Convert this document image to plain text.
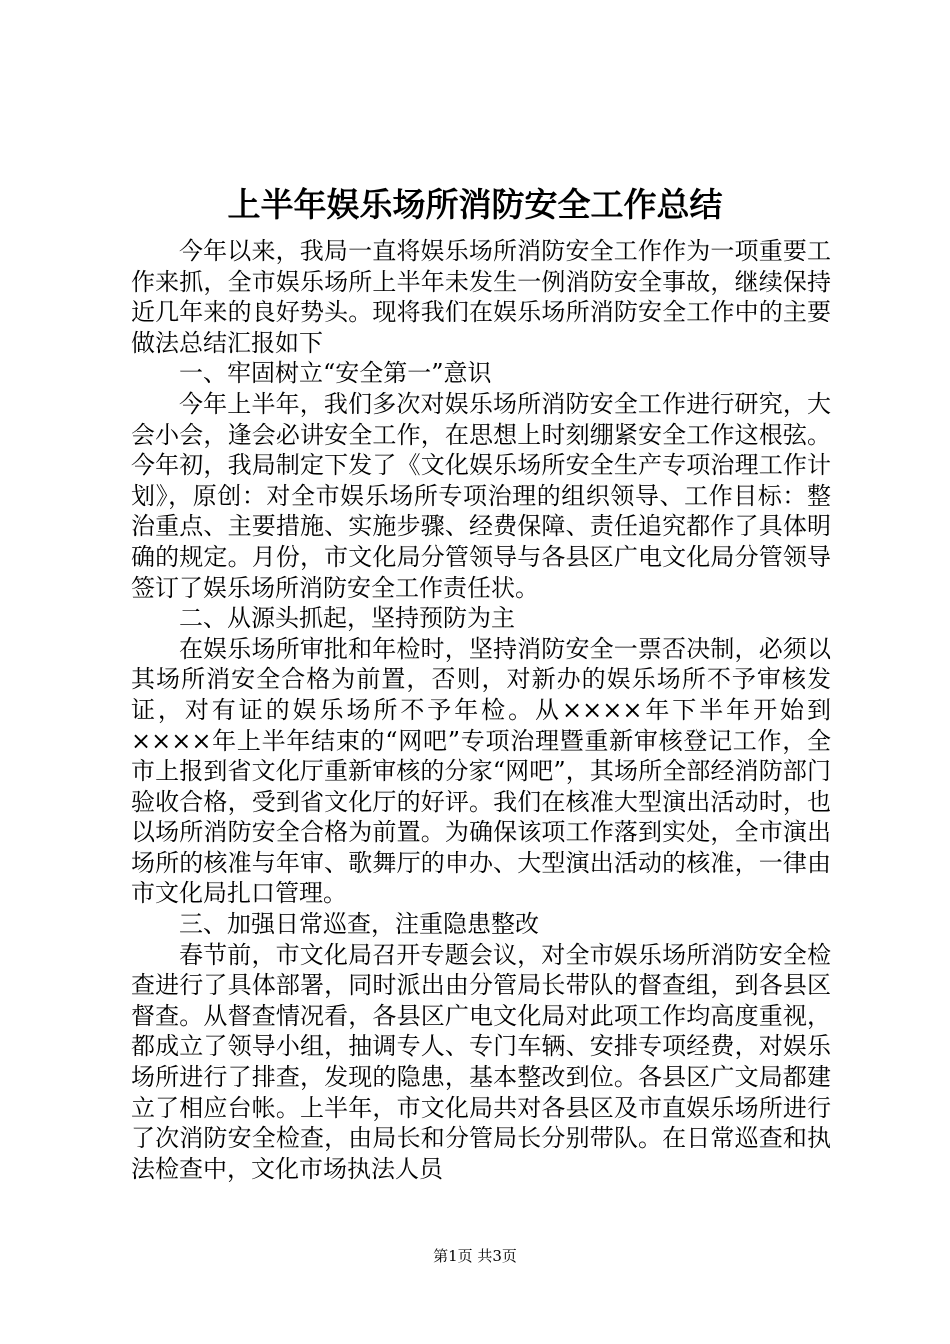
上半年娱乐场所消防安全工作总结

今年以来，我局一直将娱乐场所消防安全工作作为一项重要工作来抓，全市娱乐场所上半年未发生一例消防安全事故，继续保持近几年来的良好势头。现将我们在娱乐场所消防安全工作中的主要做法总结汇报如下

一、牢固树立“安全第一”意识

今年上半年，我们多次对娱乐场所消防安全工作进行研究，大会小会，逢会必讲安全工作，在思想上时刻绷紧安全工作这根弦。今年初，我局制定下发了《文化娱乐场所安全生产专项治理工作计划》，原创：对全市娱乐场所专项治理的组织领导、工作目标：整治重点、主要措施、实施步骤、经费保障、责任追究都作了具体明确的规定。月份，市文化局分管领导与各县区广电文化局分管领导签订了娱乐场所消防安全工作责任状。

二、从源头抓起，坚持预防为主

在娱乐场所审批和年检时，坚持消防安全一票否决制，必须以其场所消安全合格为前置，否则，对新办的娱乐场所不予审核发证，对有证的娱乐场所不予年检。从××××年下半年开始到××××年上半年结束的“网吧”专项治理暨重新审核登记工作，全市上报到省文化厅重新审核的分家“网吧”，其场所全部经消防部门验收合格，受到省文化厅的好评。我们在核准大型演出活动时，也以场所消防安全合格为前置。为确保该项工作落到实处，全市演出场所的核准与年审、歌舞厅的申办、大型演出活动的核准，一律由市文化局扎口管理。

三、加强日常巡查，注重隐患整改

春节前，市文化局召开专题会议，对全市娱乐场所消防安全检查进行了具体部署，同时派出由分管局长带队的督查组，到各县区督查。从督查情况看，各县区广电文化局对此项工作均高度重视，都成立了领导小组，抽调专人、专门车辆、安排专项经费，对娱乐场所进行了排查，发现的隐患，基本整改到位。各县区广文局都建立了相应台帐。上半年，市文化局共对各县区及市直娱乐场所进行了次消防安全检查，由局长和分管局长分别带队。在日常巡查和执法检查中，文化市场执法人员

第1页 共3页
